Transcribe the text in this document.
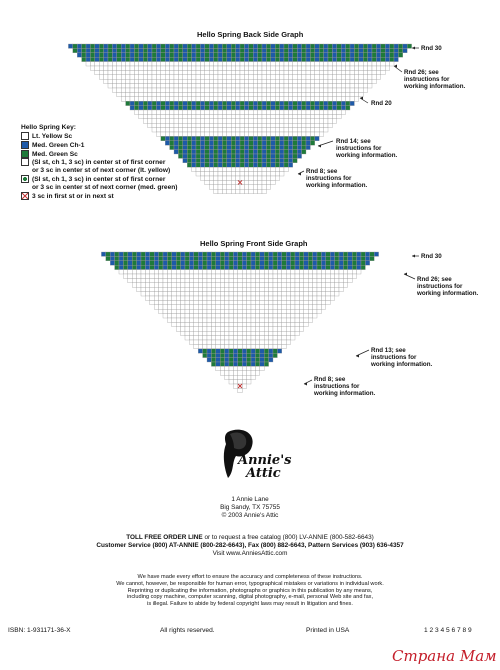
Hello Spring Back Side Graph
Rnd 30
Rnd 26; see
instructions for
working information.
Rnd 20
Rnd 14; see
instructions for
working information.
Rnd 8; see
instructions for
working information.
Hello Spring Key:
Lt. Yellow Sc
Med. Green Ch-1
Med. Green Sc
(Sl st, ch 1, 3 sc) in center st of first corner
or 3 sc in center st of next corner (lt. yellow)
(Sl st, ch 1, 3 sc) in center st of first corner
or 3 sc in center st of next corner (med. green)
3 sc in first st or in next st
Hello Spring Front Side Graph
Rnd 30
Rnd 26; see
instructions for
working information.
Rnd 13; see
instructions for
working information.
Rnd 8; see
instructions for
working information.
Annie's
Attic
1 Annie Lane
Big Sandy, TX 75755
© 2003 Annie's Attic
TOLL FREE ORDER LINE or to request a free catalog (800) LV-ANNIE (800-582-6643)
Customer Service (800) AT-ANNIE (800-282-6643), Fax (800) 882-6643, Pattern Services (903) 636-4357
Visit www.AnniesAttic.com
We have made every effort to ensure the accuracy and completeness of these instructions.
We cannot, however, be responsible for human error, typographical mistakes or variations in individual work.
Reprinting or duplicating the information, photographs or graphics in this publication by any means,
including copy machine, computer scanning, digital photography, e-mail, personal Web site and fax,
is illegal. Failure to abide by federal copyright laws may result in litigation and fines.
ISBN: 1-931171-36-X	All rights reserved.	Printed in USA	1 2 3 4 5 6 7 8 9
Страна Мам
